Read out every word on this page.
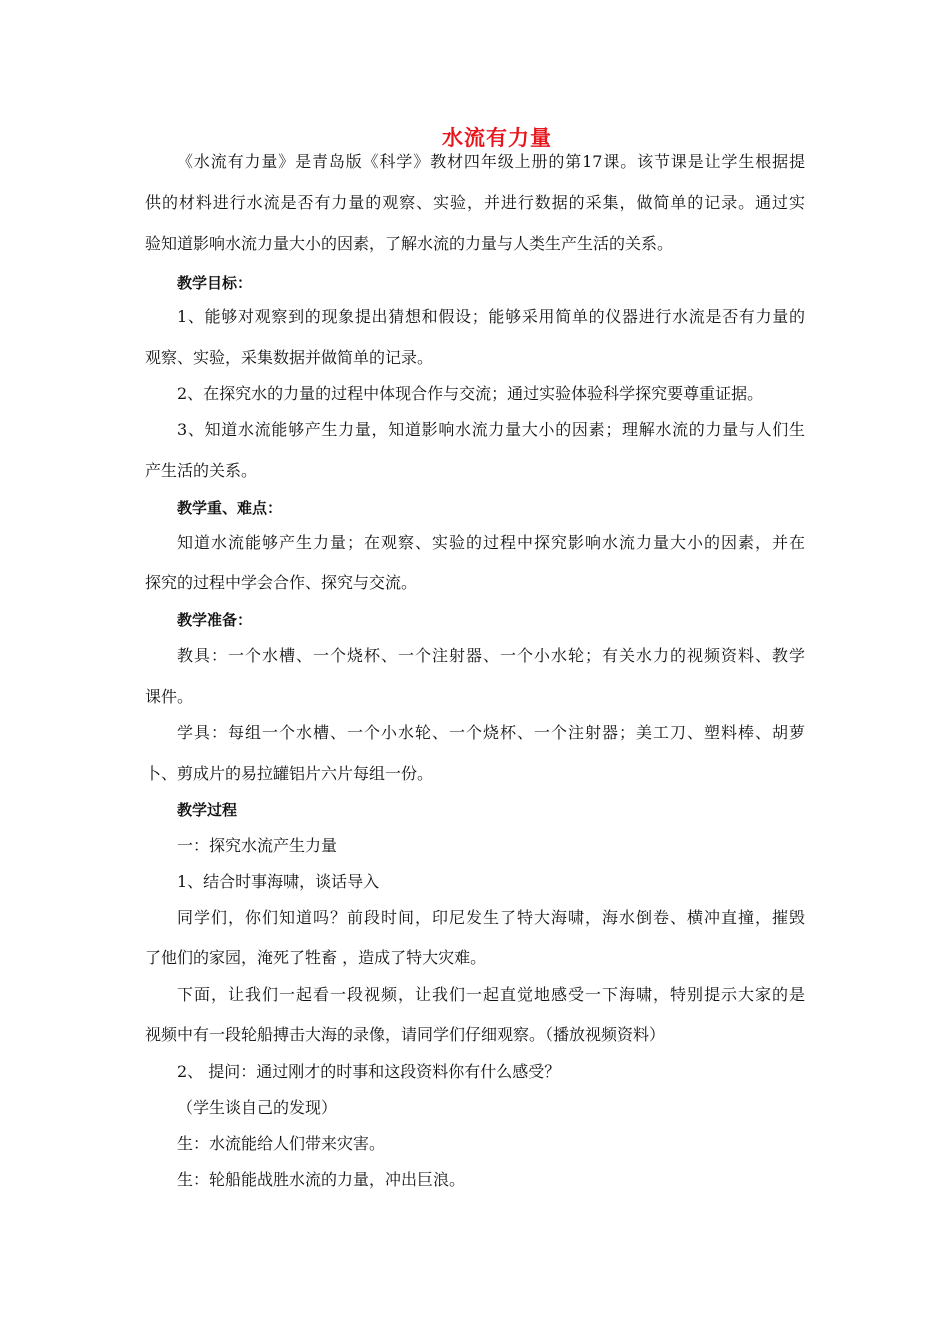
水流有力量
《水流有力量》是青岛版《科学》教材四年级上册的第17课。该节课是让学生根据提
供的材料进行水流是否有力量的观察、实验，并进行数据的采集，做简单的记录。通过实
验知道影响水流力量大小的因素，了解水流的力量与人类生产生活的关系。
教学目标：
1、能够对观察到的现象提出猜想和假设；能够采用简单的仪器进行水流是否有力量的
观察、实验，采集数据并做简单的记录。
2、在探究水的力量的过程中体现合作与交流；通过实验体验科学探究要尊重证据。
3、知道水流能够产生力量，知道影响水流力量大小的因素；理解水流的力量与人们生
产生活的关系。
教学重、难点：
知道水流能够产生力量；在观察、实验的过程中探究影响水流力量大小的因素，并在
探究的过程中学会合作、探究与交流。
教学准备：
教具：一个水槽、一个烧杯、一个注射器、一个小水轮；有关水力的视频资料、教学
课件。
学具：每组一个水槽、一个小水轮、一个烧杯、一个注射器；美工刀、塑料棒、胡萝
卜、剪成片的易拉罐铝片六片每组一份。
教学过程
一：探究水流产生力量
1、结合时事海啸，谈话导入
同学们，你们知道吗？前段时间，印尼发生了特大海啸，海水倒卷、横冲直撞，摧毁
了他们的家园，淹死了牲畜 ，造成了特大灾难。
下面，让我们一起看一段视频，让我们一起直觉地感受一下海啸，特别提示大家的是
视频中有一段轮船搏击大海的录像，请同学们仔细观察。（播放视频资料）
2、 提问：通过刚才的时事和这段资料你有什么感受？
（学生谈自己的发现）
生：水流能给人们带来灾害。
生：轮船能战胜水流的力量，冲出巨浪。
